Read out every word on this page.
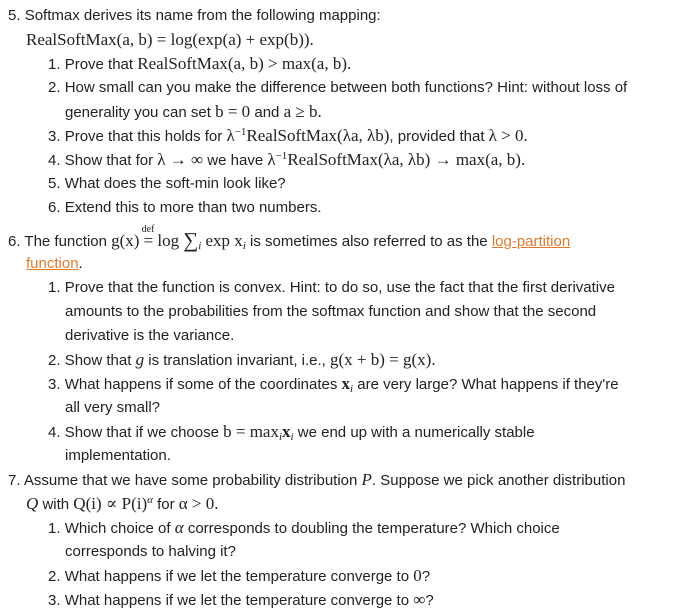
5. Softmax derives its name from the following mapping:
RealSoftMax(a, b) = log(exp(a) + exp(b)).
1. Prove that RealSoftMax(a, b) > max(a, b).
2. How small can you make the difference between both functions? Hint: without loss of
generality you can set b = 0 and a ≥ b.
3. Prove that this holds for $\lambda^{-1}RealSoftMax(\lambda a$, λb), provided that λ > 0.
4. Show that for λ → ∞ we have $\lambda^{-1}RealSoftMax(\lambda a$, λb) → max(a, b).
5. What does the soft-min look like?
6. Extend this to more than two numbers.
6. The function g(x)
def
= $\log \sum_i$ $\exp x_i$ is sometimes also referred to as the log-partition
function.
1. Prove that the function is convex. Hint: to do so, use the fact that the first derivative
amounts to the probabilities from the softmax function and show that the second
derivative is the variance.
2. Show that g is translation invariant, i.e., g(x + b) = g(x).
3. What happens if some of the coordinates $x_i$ are very large? What happens if they're
all very small?
4. Show that if we choose $b = \max_ix_i$ we end up with a numerically stable
implementation.
7. Assume that we have some probability distribution P. Suppose we pick another distribution
Q with $Q(i) \propto P(i)^\alpha$ for α > 0.
1. Which choice of α corresponds to doubling the temperature? Which choice
corresponds to halving it?
2. What happens if we let the temperature converge to 0?
3. What happens if we let the temperature converge to ∞?
